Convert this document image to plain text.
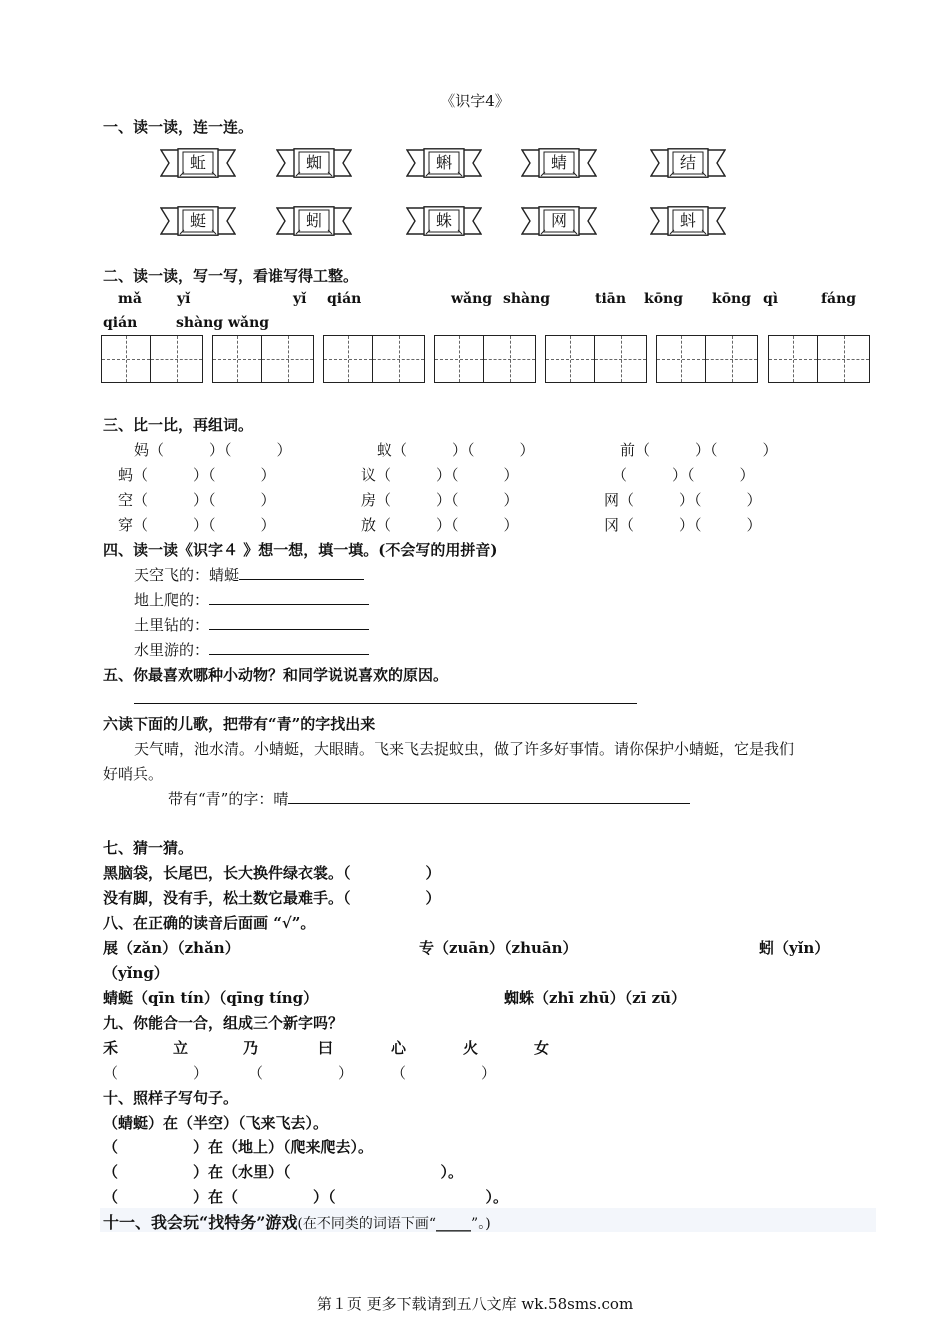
《识字4》
一、读一读，连一连。
蚯	蜘	蝌	蜻	结
蜓	蚓	蛛	网	蚪
二、读一读，写一写，看谁写得工整。
mǎ	yǐ	yǐ qián	wǎng shàng	tiān kōng kōng qì	fáng
qián	shàng wǎng
三、比一比，再组词。
妈（　　　）（　　　）	蚁（　　　）（　　　）	前（　　　）（　　　）
蚂（　　　）（　　　）	议（　　　）（　　　）	（　　　）（　　　）
空（　　　）（　　　）	房（　　　）（　　　）	网（　　　）（　　　）
穿（　　　）（　　　）	放（　　　）（　　　）	冈（　　　）（　　　）
四、读一读《识字４ 》想一想，填一填。(不会写的用拼音)
天空飞的：蜻蜓
地上爬的：
土里钻的：
水里游的：
五、你最喜欢哪种小动物？和同学说说喜欢的原因。
六读下面的儿歌，把带有“青”的字找出来
天气晴，池水清。小蜻蜓，大眼睛。飞来飞去捉蚊虫，做了许多好事情。请你保护小蜻蜓，它是我们
好哨兵。
带有“青”的字：晴
七、猜一猜。
黑脑袋，长尾巴，长大换件绿衣裳。（　　　　　）
没有脚，没有手，松土数它最难手。（　　　　　）
八、在正确的读音后面画 “√”。
展（zǎn）（zhǎn）	专（zuān）（zhuān）	蚓（yǐn）
（yǐng）
蜻蜓（qīn tín）（qīng tíng）	蜘蛛（zhī zhū）（zī zū）
九、你能合一合，组成三个新字吗？
禾	立	乃	曰	心	火	女
（　　　　　）	（　　　　　）	（　　　　　）
十、照样子写句子。
（蜻蜓）在（半空）（飞来飞去）。
（　　　　　）在（地上）（爬来爬去）。
（　　　　　）在（水里）（　　　　　　　　　　）。
（　　　　　）在（　　　　　）（　　　　　　　　　　）。
十一、我会玩“找特务”游戏(在不同类的词语下画“_____”。)
第１页 更多下载请到五八文库 wk.58sms.com
